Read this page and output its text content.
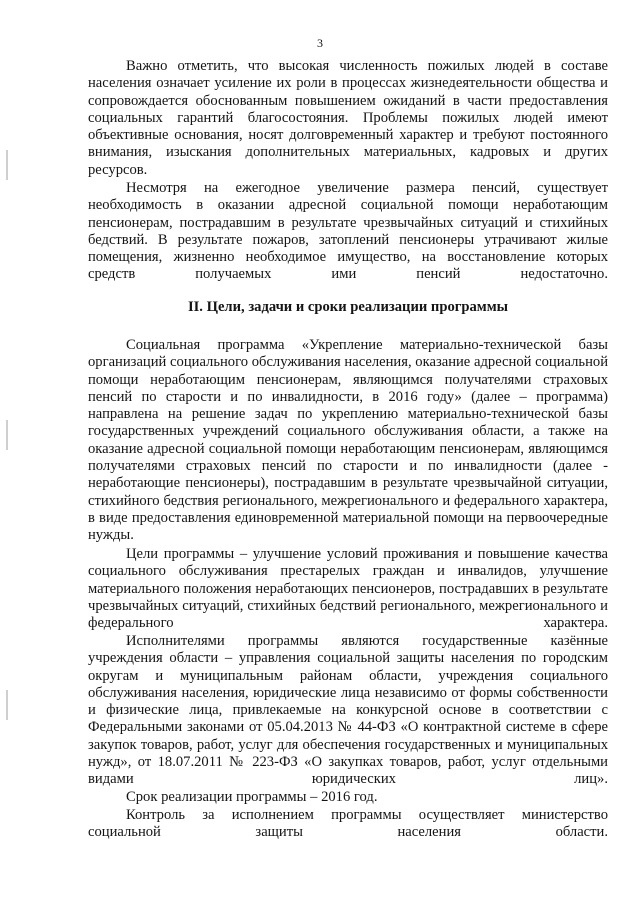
3
Важно отметить, что высокая численность пожилых людей в составе населения означает усиление их роли в процессах жизнедеятельности общества и сопровождается обоснованным повышением ожиданий в части предоставления социальных гарантий благосостояния. Проблемы пожилых людей имеют объективные основания, носят долговременный характер и требуют постоянного внимания, изыскания дополнительных материальных, кадровых и других ресурсов.
Несмотря на ежегодное увеличение размера пенсий, существует необходимость в оказании адресной социальной помощи неработающим пенсионерам, пострадавшим в результате чрезвычайных ситуаций и стихийных бедствий. В результате пожаров, затоплений пенсионеры утрачивают жилые помещения, жизненно необходимое имущество, на восстановление которых средств получаемых ими пенсий недостаточно.
II. Цели, задачи и сроки реализации программы
Социальная программа «Укрепление материально-технической базы организаций социального обслуживания населения, оказание адресной социальной помощи неработающим пенсионерам, являющимся получателями страховых пенсий по старости и по инвалидности, в 2016 году» (далее – программа) направлена на решение задач по укреплению материально-технической базы государственных учреждений социального обслуживания области, а также на оказание адресной социальной помощи неработающим пенсионерам, являющимся получателями страховых пенсий по старости и по инвалидности (далее - неработающие пенсионеры), пострадавшим в результате чрезвычайной ситуации, стихийного бедствия регионального, межрегионального и федерального характера, в виде предоставления единовременной материальной помощи на первоочередные нужды.
Цели программы – улучшение условий проживания и повышение качества социального обслуживания престарелых граждан и инвалидов, улучшение материального положения неработающих пенсионеров, пострадавших в результате чрезвычайных ситуаций, стихийных бедствий регионального, межрегионального и федерального характера.
Исполнителями программы являются государственные казённые учреждения области – управления социальной защиты населения по городским округам и муниципальным районам области, учреждения социального обслуживания населения, юридические лица независимо от формы собственности и физические лица, привлекаемые на конкурсной основе в соответствии с Федеральными законами от 05.04.2013 № 44-ФЗ «О контрактной системе в сфере закупок товаров, работ, услуг для обеспечения государственных и муниципальных нужд», от 18.07.2011 № 223-ФЗ «О закупках товаров, работ, услуг отдельными видами юридических лиц».
Срок реализации программы – 2016 год.
Контроль за исполнением программы осуществляет министерство социальной защиты населения области.
